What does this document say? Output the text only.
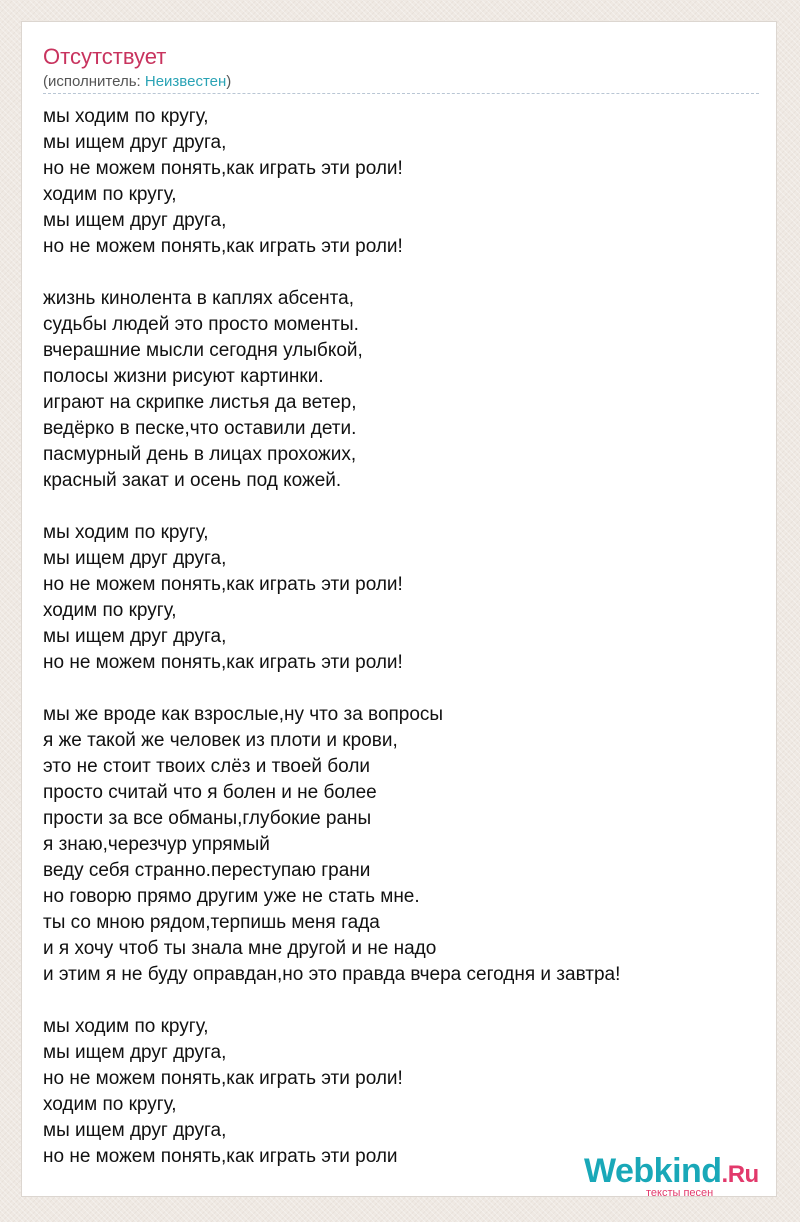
Отсутствует
(исполнитель: Неизвестен)
мы ходим по кругу,
мы ищем друг друга,
но не можем понять,как играть эти роли!
ходим по кругу,
мы ищем друг друга,
но не можем понять,как играть эти роли!
жизнь кинолента в каплях абсента,
судьбы людей это просто моменты.
вчерашние мысли сегодня улыбкой,
полосы жизни рисуют картинки.
играют на скрипке листья да ветер,
ведёрко в песке,что оставили дети.
пасмурный день в лицах прохожих,
красный закат и осень под кожей.
мы ходим по кругу,
мы ищем друг друга,
но не можем понять,как играть эти роли!
ходим по кругу,
мы ищем друг друга,
но не можем понять,как играть эти роли!
мы же вроде как взрослые,ну что за вопросы
я же такой же человек из плоти и крови,
это не стоит твоих слёз и твоей боли
просто считай что я болен и не более
прости за все обманы,глубокие раны
я знаю,черезчур упрямый
веду себя странно.переступаю грани
но говорю прямо другим уже не стать мне.
ты со мною рядом,терпишь меня гада
и я хочу чтоб ты знала мне другой и не надо
и этим я не буду оправдан,но это правда вчера сегодня и завтра!
мы ходим по кругу,
мы ищем друг друга,
но не можем понять,как играть эти роли!
ходим по кругу,
мы ищем друг друга,
но не можем понять,как играть эти роли	Webkind.Ru
тексты песен
